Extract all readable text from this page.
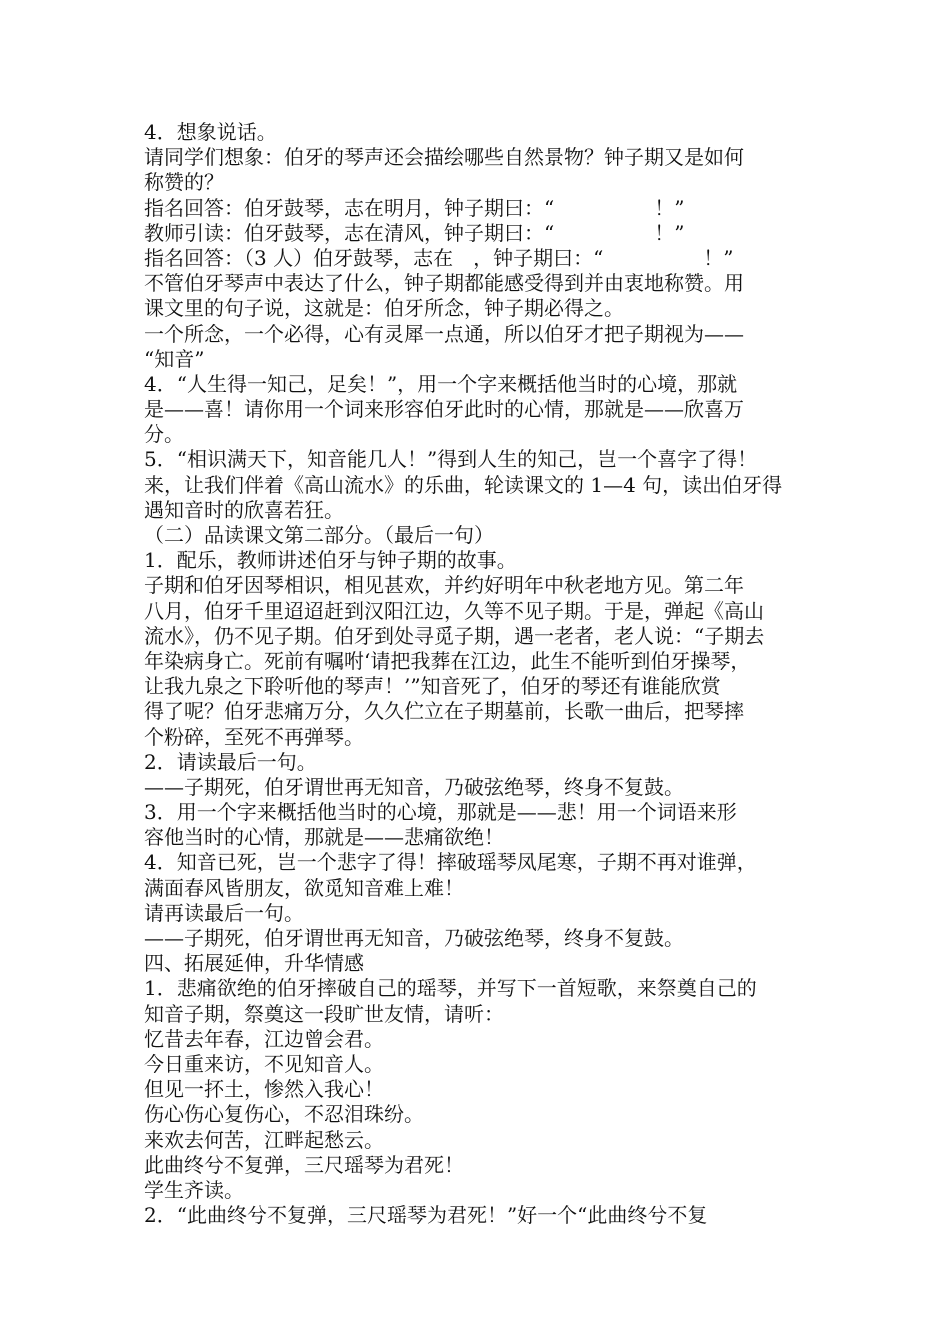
4．想象说话。
请同学们想象：伯牙的琴声还会描绘哪些自然景物？钟子期又是如何
称赞的？
指名回答：伯牙鼓琴，志在明月，钟子期曰：“　　　　　！”
教师引读：伯牙鼓琴，志在清风，钟子期曰：“　　　　　！”
指名回答：（3 人）伯牙鼓琴，志在　，钟子期曰：“　　　　　！”
不管伯牙琴声中表达了什么，钟子期都能感受得到并由衷地称赞。用
课文里的句子说，这就是：伯牙所念，钟子期必得之。
一个所念，一个必得，心有灵犀一点通，所以伯牙才把子期视为——
“知音”
4．“人生得一知己，足矣！”，用一个字来概括他当时的心境，那就
是——喜！请你用一个词来形容伯牙此时的心情，那就是——欣喜万
分。
5．“相识满天下，知音能几人！”得到人生的知己，岂一个喜字了得！
来，让我们伴着《高山流水》的乐曲，轮读课文的 1—4 句，读出伯牙得
遇知音时的欣喜若狂。
（二）品读课文第二部分。（最后一句）
1．配乐，教师讲述伯牙与钟子期的故事。
子期和伯牙因琴相识，相见甚欢，并约好明年中秋老地方见。第二年
八月，伯牙千里迢迢赶到汉阳江边，久等不见子期。于是，弹起《高山
流水》，仍不见子期。伯牙到处寻觅子期，遇一老者，老人说：“子期去
年染病身亡。死前有嘱咐‘请把我葬在江边，此生不能听到伯牙操琴，
让我九泉之下聆听他的琴声！’”知音死了，伯牙的琴还有谁能欣赏
得了呢？伯牙悲痛万分，久久伫立在子期墓前，长歌一曲后，把琴摔
个粉碎，至死不再弹琴。
2．请读最后一句。
——子期死，伯牙谓世再无知音，乃破弦绝琴，终身不复鼓。
3．用一个字来概括他当时的心境，那就是——悲！用一个词语来形
容他当时的心情，那就是——悲痛欲绝！
4．知音已死，岂一个悲字了得！摔破瑶琴凤尾寒，子期不再对谁弹，
满面春风皆朋友，欲觅知音难上难！
请再读最后一句。
——子期死，伯牙谓世再无知音，乃破弦绝琴，终身不复鼓。
四、拓展延伸，升华情感
1．悲痛欲绝的伯牙摔破自己的瑶琴，并写下一首短歌，来祭奠自己的
知音子期，祭奠这一段旷世友情，请听：
忆昔去年春，江边曾会君。
今日重来访，不见知音人。
但见一抔土，惨然入我心！
伤心伤心复伤心，不忍泪珠纷。
来欢去何苦，江畔起愁云。
此曲终兮不复弹，三尺瑶琴为君死！
学生齐读。
2．“此曲终兮不复弹，三尺瑶琴为君死！”好一个“此曲终兮不复
